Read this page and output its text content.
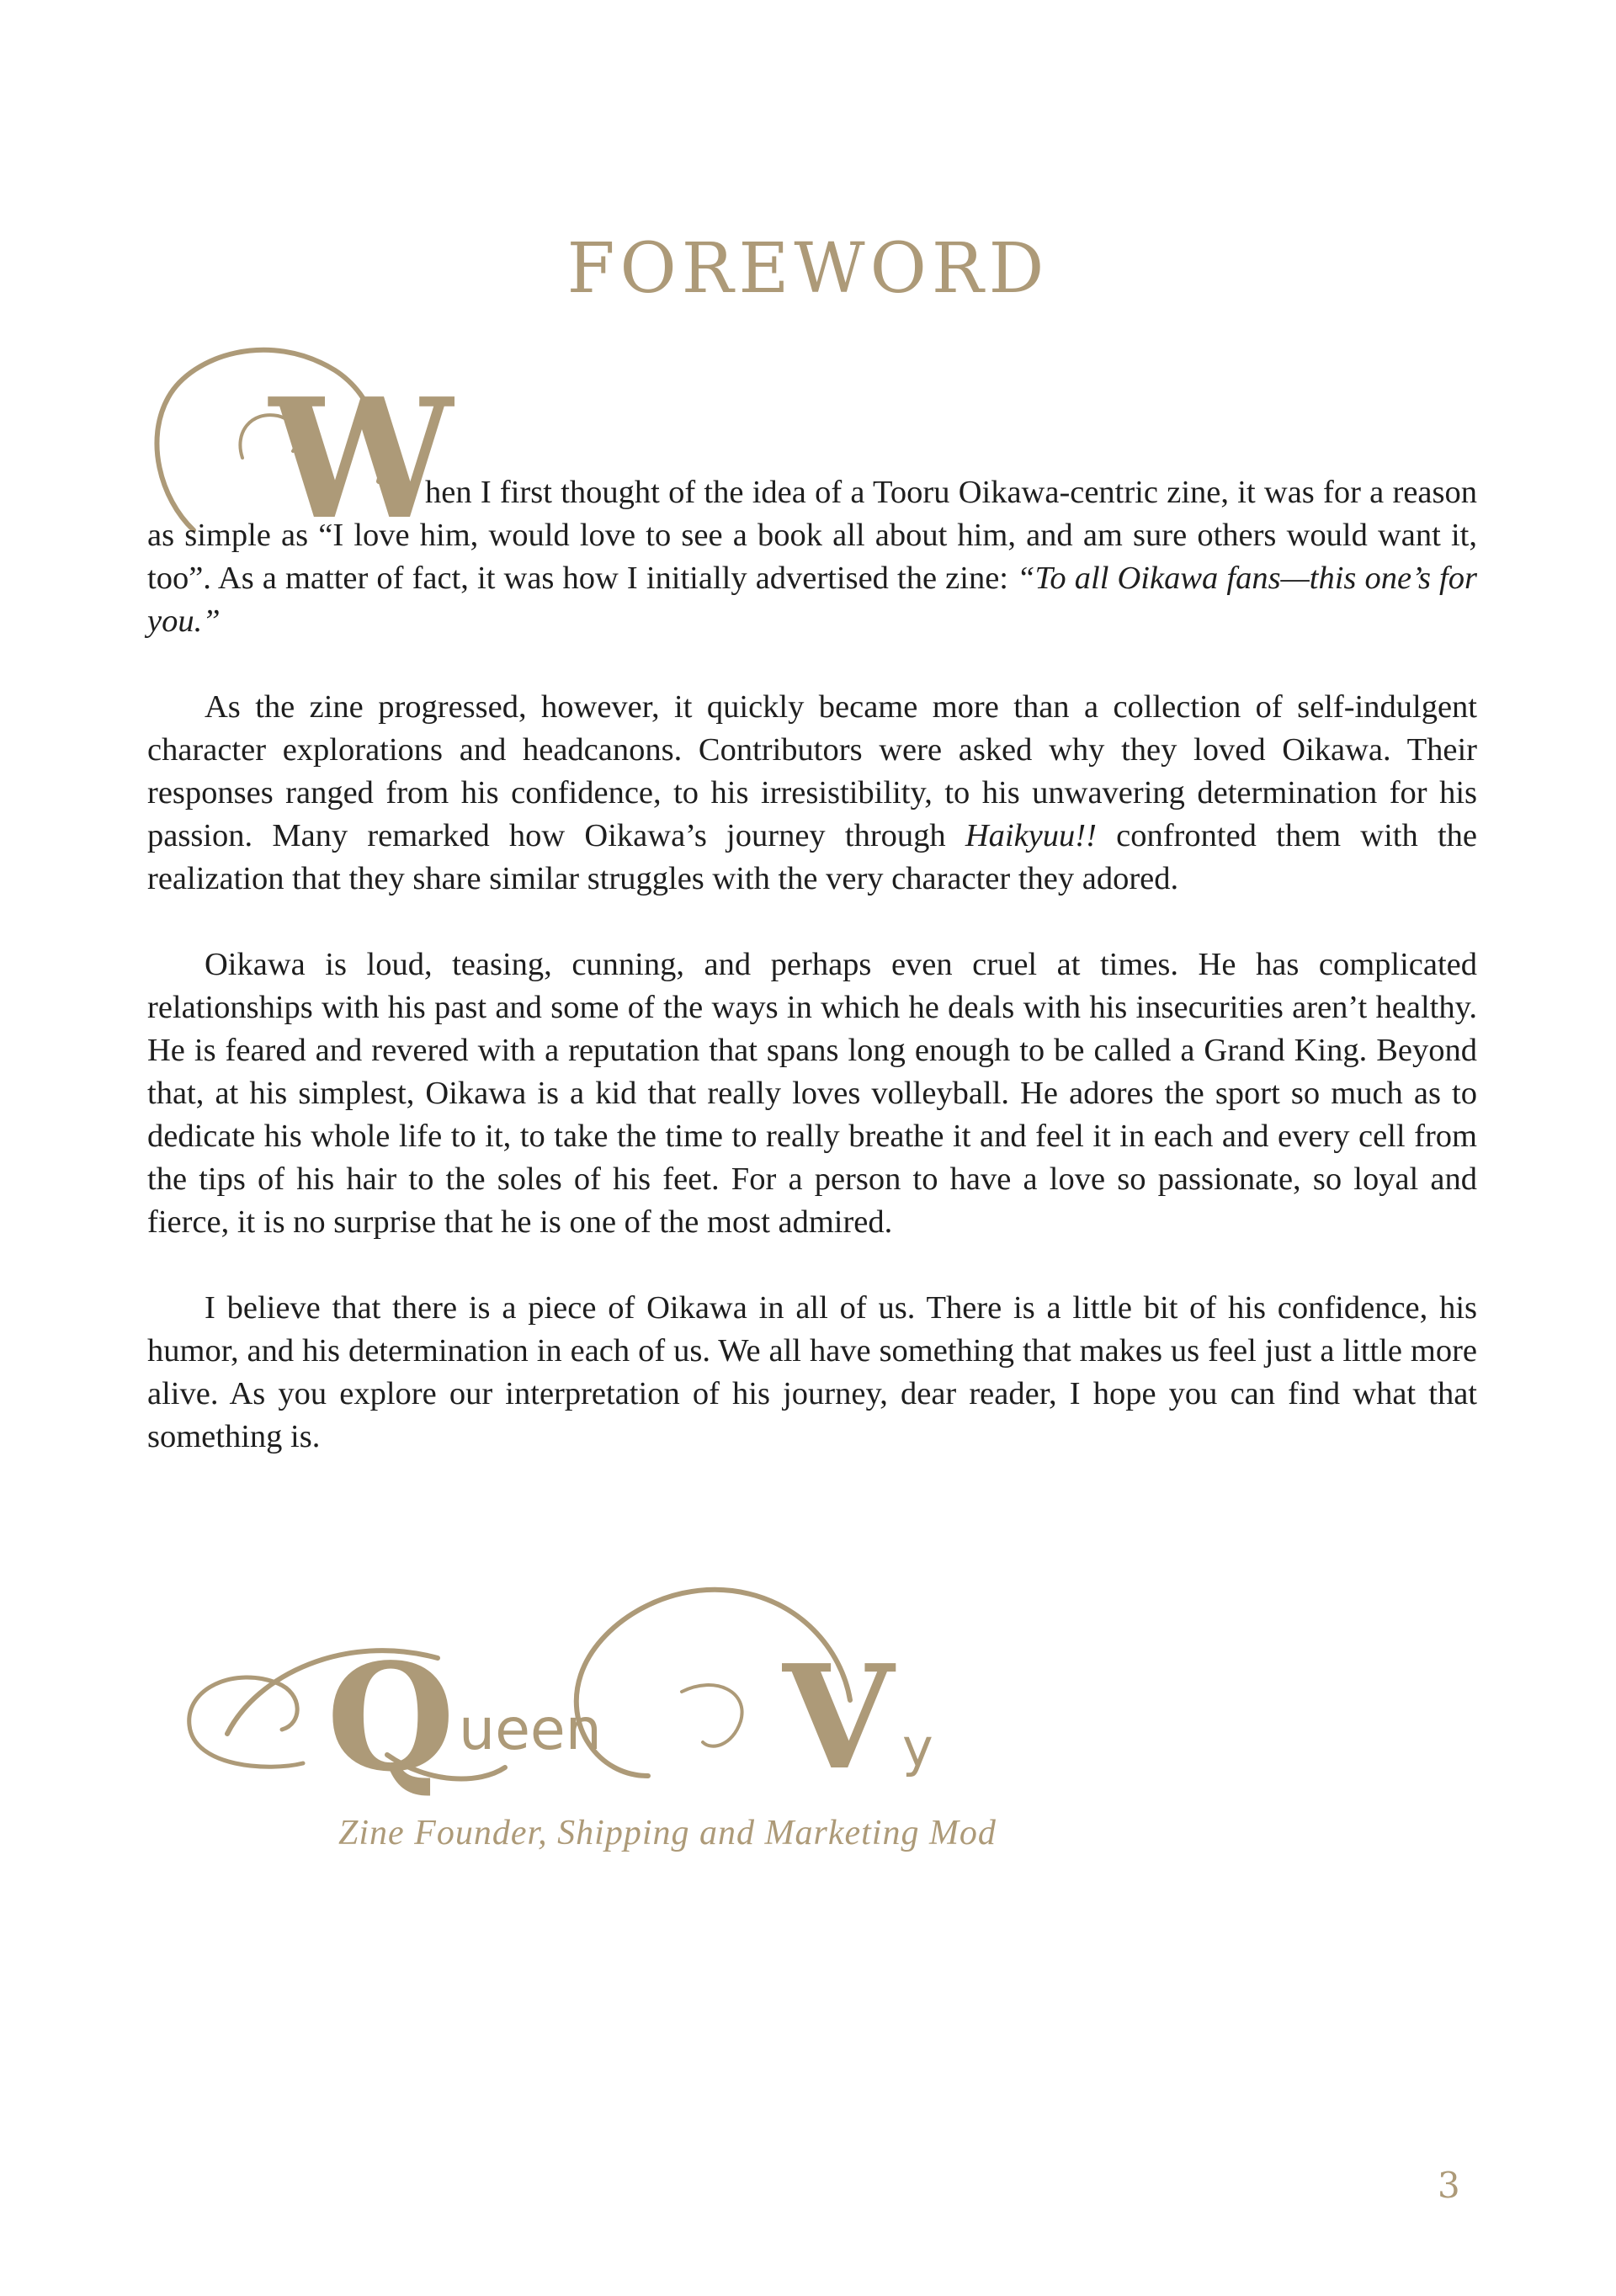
FOREWORD
W

hen I first thought of the idea of a Tooru Oikawa-centric zine, it was for a reason as simple as “I love him, would love to see a book all about him, and am sure others would want it, too”. As a matter of fact, it was how I initially advertised the zine: “To all Oikawa fans—this one’s for you.”

As the zine progressed, however, it quickly became more than a collection of self-indulgent character explorations and headcanons. Contributors were asked why they loved Oikawa. Their responses ranged from his confidence, to his irresistibility, to his unwavering determination for his passion. Many remarked how Oikawa’s journey through Haikyuu!! confronted them with the realization that they share similar struggles with the very character they adored.

Oikawa is loud, teasing, cunning, and perhaps even cruel at times. He has complicated relationships with his past and some of the ways in which he deals with his insecurities aren’t healthy. He is feared and revered with a reputation that spans long enough to be called a Grand King. Beyond that, at his simplest, Oikawa is a kid that really loves volleyball. He adores the sport so much as to dedicate his whole life to it, to take the time to really breathe it and feel it in each and every cell from the tips of his hair to the soles of his feet. For a person to have a love so passionate, so loyal and fierce, it is no surprise that he is one of the most admired.

I believe that there is a piece of Oikawa in all of us. There is a little bit of his confidence, his humor, and his determination in each of us. We all have something that makes us feel just a little more alive. As you explore our interpretation of his journey, dear reader, I hope you can find what that something is.

Q ueen V y
Zine Founder, Shipping and Marketing Mod
3
